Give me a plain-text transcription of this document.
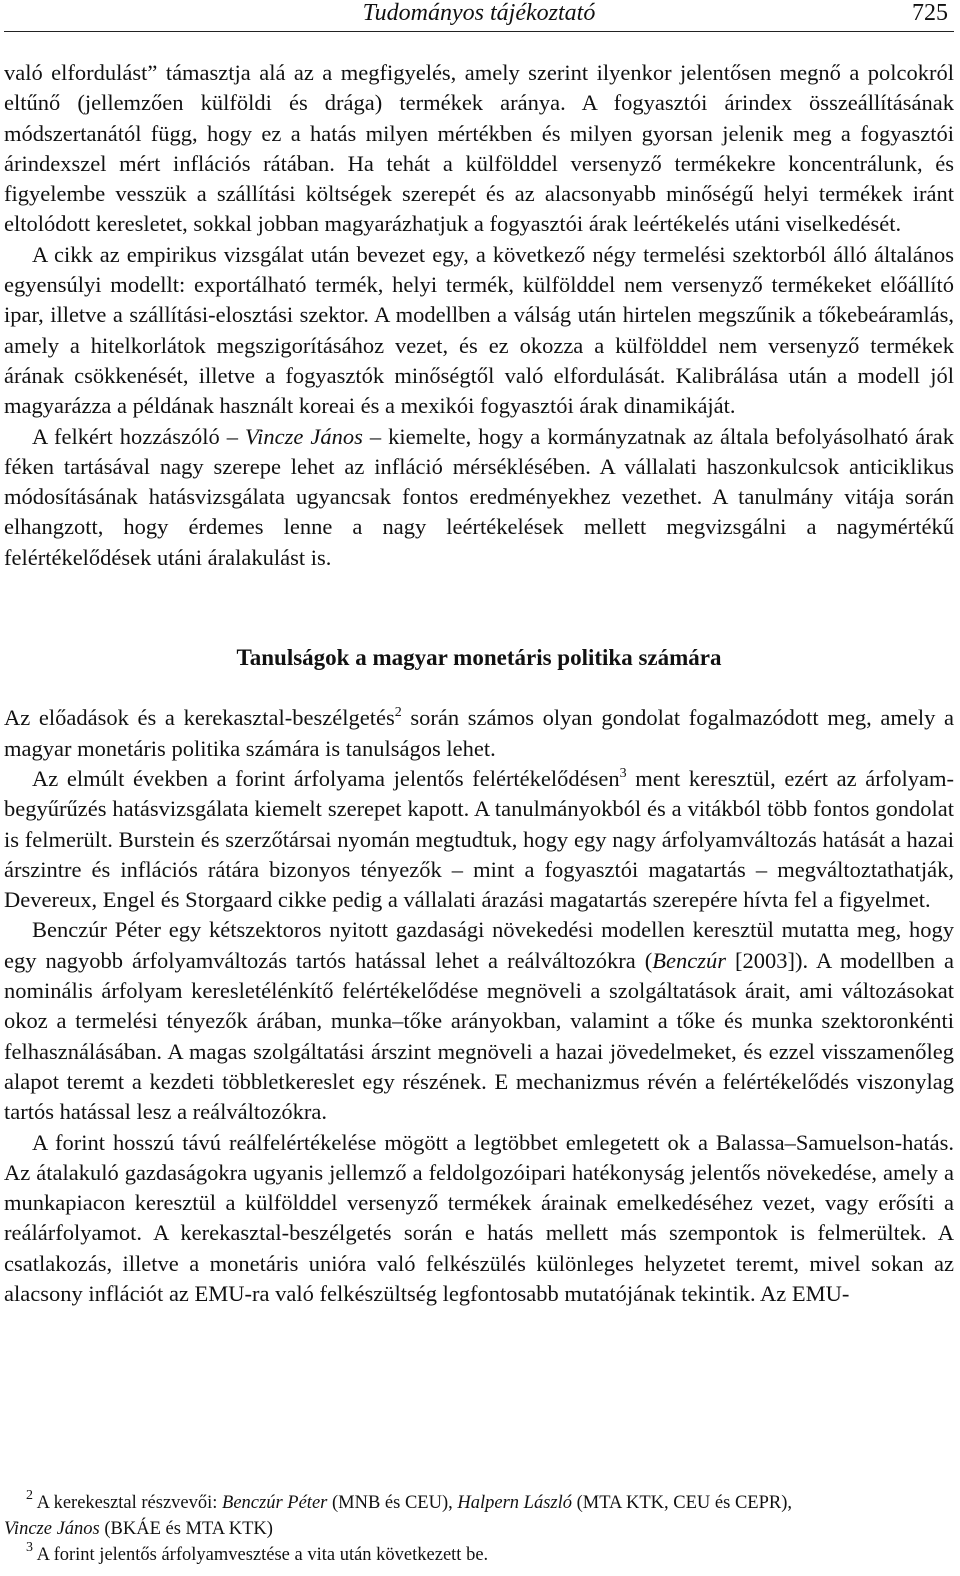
Tudományos tájékoztató	725

való elfordulást” támasztja alá az a megfigyelés, amely szerint ilyenkor jelentősen megnő a polcokról eltűnő (jellemzően külföldi és drága) termékek aránya. A fogyasztói árindex összeállításának módszertanától függ, hogy ez a hatás milyen mértékben és milyen gyorsan jelenik meg a fogyasztói árindexszel mért inflációs rátában. Ha tehát a külfölddel versenyző termékekre koncentrálunk, és figyelembe vesszük a szállítási költségek szerepét és az alacsonyabb minőségű helyi termékek iránt eltolódott keresletet, sokkal jobban magyarázhatjuk a fogyasztói árak leértékelés utáni viselkedését.

A cikk az empirikus vizsgálat után bevezet egy, a következő négy termelési szektorból álló általános egyensúlyi modellt: exportálható termék, helyi termék, külfölddel nem versenyző termékeket előállító ipar, illetve a szállítási-elosztási szektor. A modellben a válság után hirtelen megszűnik a tőkebeáramlás, amely a hitelkorlátok megszigorításához vezet, és ez okozza a külfölddel nem versenyző termékek árának csökkenését, illetve a fogyasztók minőségtől való elfordulását. Kalibrálása után a modell jól magyarázza a példának használt koreai és a mexikói fogyasztói árak dinamikáját.

A felkért hozzászóló – Vincze János – kiemelte, hogy a kormányzatnak az általa befolyásolható árak féken tartásával nagy szerepe lehet az infláció mérséklésében. A vállalati haszonkulcsok anticiklikus módosításának hatásvizsgálata ugyancsak fontos eredményekhez vezethet. A tanulmány vitája során elhangzott, hogy érdemes lenne a nagy leértékelések mellett megvizsgálni a nagymértékű felértékelődések utáni áralakulást is.

Tanulságok a magyar monetáris politika számára

Az előadások és a kerekasztal-beszélgetés$^2$ során számos olyan gondolat fogalmazódott meg, amely a magyar monetáris politika számára is tanulságos lehet.

Az elmúlt években a forint árfolyama jelentős felértékelődésen$^3$ ment keresztül, ezért az árfolyam-begyűrűzés hatásvizsgálata kiemelt szerepet kapott. A tanulmányokból és a vitákból több fontos gondolat is felmerült. Burstein és szerzőtársai nyomán megtudtuk, hogy egy nagy árfolyamváltozás hatását a hazai árszintre és inflációs rátára bizonyos tényezők – mint a fogyasztói magatartás – megváltoztathatják, Devereux, Engel és Storgaard cikke pedig a vállalati árazási magatartás szerepére hívta fel a figyelmet.

Benczúr Péter egy kétszektoros nyitott gazdasági növekedési modellen keresztül mutatta meg, hogy egy nagyobb árfolyamváltozás tartós hatással lehet a reálváltozókra (Benczúr [2003]). A modellben a nominális árfolyam keresletélénkítő felértékelődése megnöveli a szolgáltatások árait, ami változásokat okoz a termelési tényezők árában, munka–tőke arányokban, valamint a tőke és munka szektoronkénti felhasználásában. A magas szolgáltatási árszint megnöveli a hazai jövedelmeket, és ezzel visszamenőleg alapot teremt a kezdeti többletkereslet egy részének. E mechanizmus révén a felértékelődés viszonylag tartós hatással lesz a reálváltozókra.

A forint hosszú távú reálfelértékelése mögött a legtöbbet emlegetett ok a Balassa–Samuelson-hatás. Az átalakuló gazdaságokra ugyanis jellemző a feldolgozóipari hatékonyság jelentős növekedése, amely a munkapiacon keresztül a külfölddel versenyző termékek árainak emelkedéséhez vezet, vagy erősíti a reálárfolyamot. A kerekasztal-beszélgetés során e hatás mellett más szempontok is felmerültek. A csatlakozás, illetve a monetáris unióra való felkészülés különleges helyzetet teremt, mivel sokan az alacsony inflációt az EMU-ra való felkészültség legfontosabb mutatójának tekintik. Az EMU-

$^2$ A kerekesztal részvevői: Benczúr Péter (MNB és CEU), Halpern László (MTA KTK, CEU és CEPR),
Vincze János (BKÁE és MTA KTK)

$^3$ A forint jelentős árfolyamvesztése a vita után következett be.
